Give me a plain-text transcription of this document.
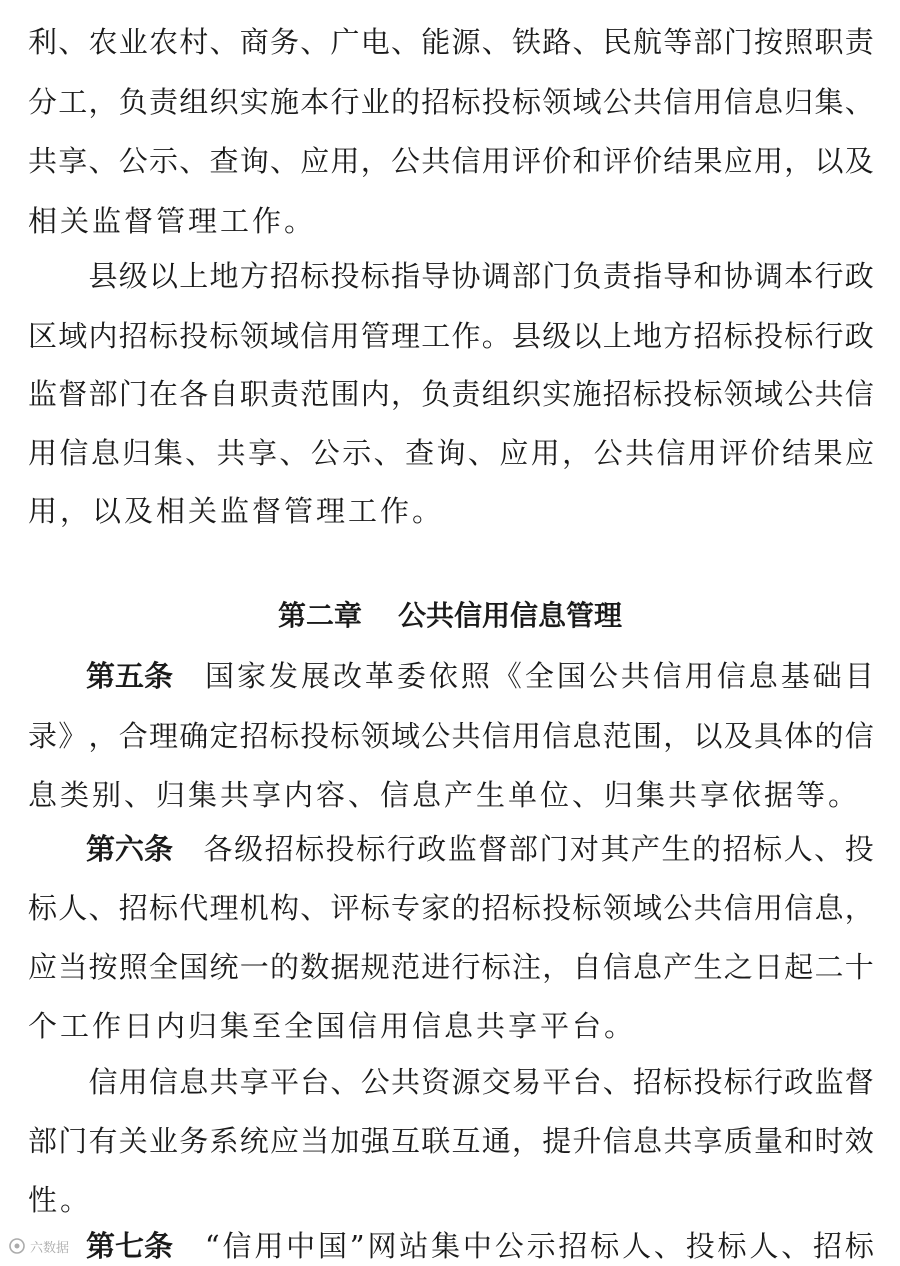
利 、 农 业 农 村 、 商 务 、 广 电 、 能 源 、 铁 路 、 民 航 等 部 门 按 照 职 责
分 工 ， 负 责 组 织 实 施 本 行 业 的 招 标 投 标 领 域 公 共 信 用 信 息 归 集 、
共 享 、 公 示 、 查 询 、 应 用 ， 公 共 信 用 评 价 和 评 价 结 果 应 用 ， 以 及
相关监督管理工作。

县 级 以 上 地 方 招 标 投 标 指 导 协 调 部 门 负 责 指 导 和 协 调 本 行 政
区 域 内 招 标 投 标 领 域 信 用 管 理 工 作 。 县 级 以 上 地 方 招 标 投 标 行 政
监 督 部 门 在 各 自 职 责 范 围 内 ， 负 责 组 织 实 施 招 标 投 标 领 域 公 共 信
用 信 息 归 集 、 共 享 、 公 示 、 查 询 、 应 用 ， 公 共 信 用 评 价 结 果 应
用，以及相关监督管理工作。
第五条
　 国 家 发 展 改 革 委 依 照 《 全 国 公 共 信 用 信 息 基 础 目
录 》 ， 合 理 确 定 招 标 投 标 领 域 公 共 信 用 信 息 范 围 ， 以 及 具 体 的 信
息类别、归集共享内容、信息产生单位、归集共享依据等。
第六条
　 各 级 招 标 投 标 行 政 监 督 部 门 对 其 产 生 的 招 标 人 、 投
标 人 、 招 标 代 理 机 构 、 评 标 专 家 的 招 标 投 标 领 域 公 共 信 用 信 息 ，
应 当 按 照 全 国 统 一 的 数 据 规 范 进 行 标 注 ， 自 信 息 产 生 之 日 起 二 十
个工作日内归集至全国信用信息共享平台。

信 用 信 息 共 享 平 台 、 公 共 资 源 交 易 平 台 、 招 标 投 标 行 政 监 督
部 门 有 关 业 务 系 统 应 当 加 强 互 联 互 通 ， 提 升 信 息 共 享 质 量 和 时 效
性。
第七条
　 “ 信 用 中 国 ” 网 站 集 中 公 示 招 标 人 、 投 标 人 、 招 标
第二章 公共信用信息管理
六数据
